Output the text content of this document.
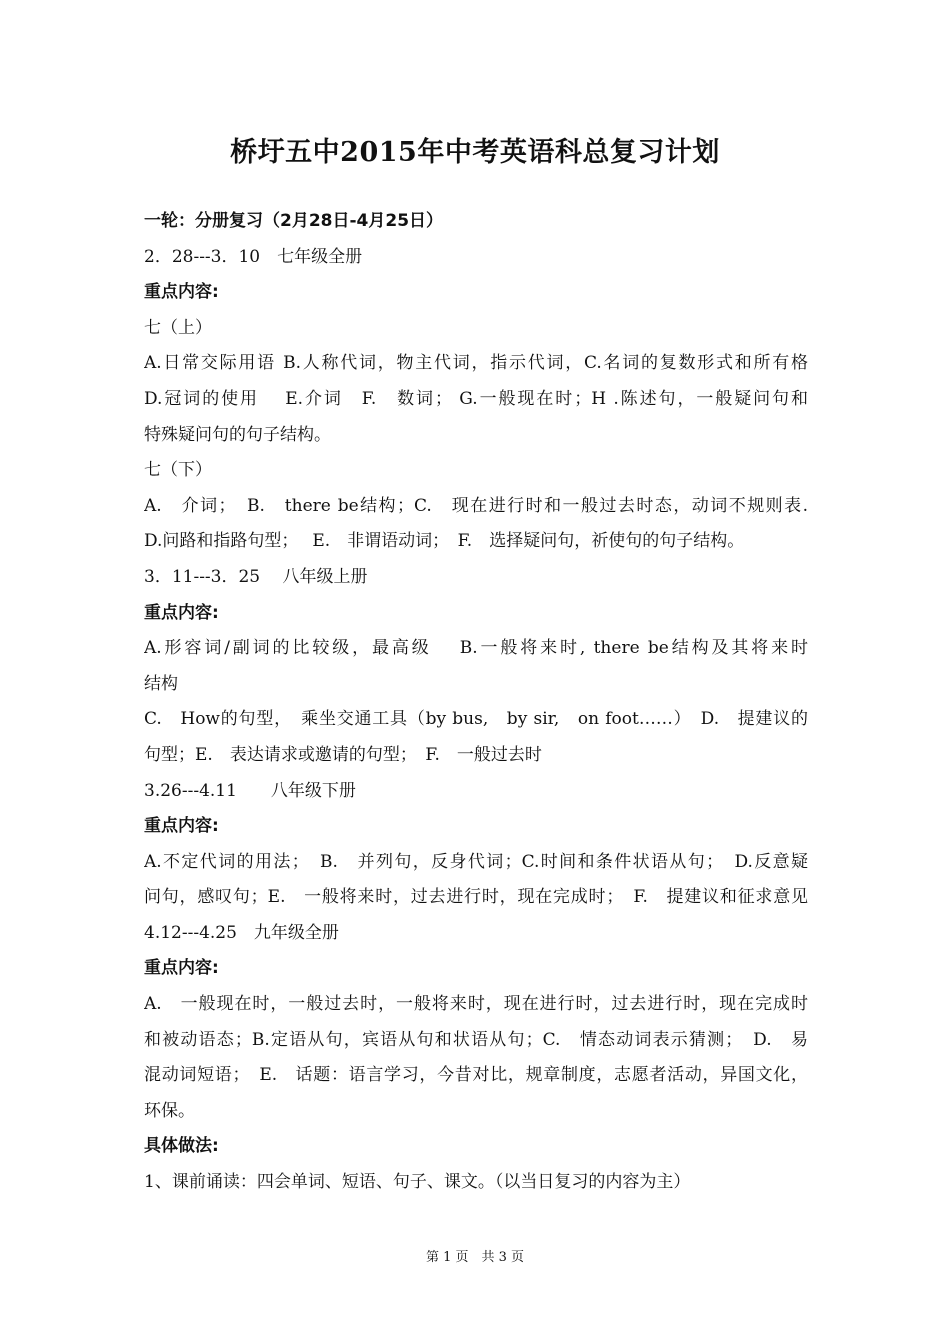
桥圩五中2015年中考英语科总复习计划
一轮：分册复习（2月28日-4月25日）
2．28---3．10　七年级全册
重点内容:
七（上）
A.日常交际用语 B.人称代词，物主代词，指示代词，C.名词的复数形式和所有格
D.冠词的使用　 E.介词　F.　数词； G.一般现在时；H .陈述句，一般疑问句和
特殊疑问句的句子结构。
七（下）
A.　介词；　B.　there be结构；C.　现在进行时和一般过去时态，动词不规则表.
D.问路和指路句型；　 E.　非谓语动词；　F.　选择疑问句，祈使句的句子结构。
3．11---3．25　 八年级上册
重点内容:
A.形容词/副词的比较级，最高级　 B.一般将来时, there be结构及其将来时
结构
C.　How的句型，　乘坐交通工具（by bus,　by sir,　on foot……）　D.　提建议的
句型；E.　表达请求或邀请的句型；　F.　一般过去时
3.26---4.11　　八年级下册
重点内容:
A.不定代词的用法；　B.　并列句，反身代词；C.时间和条件状语从句；　D.反意疑
问句，感叹句；E.　一般将来时，过去进行时，现在完成时；　F.　提建议和征求意见
4.12---4.25　九年级全册
重点内容:
A.　一般现在时，一般过去时，一般将来时，现在进行时，过去进行时，现在完成时
和被动语态；B.定语从句，宾语从句和状语从句；C.　情态动词表示猜测；　D.　易
混动词短语；　E.　话题：语言学习，今昔对比，规章制度，志愿者活动，异国文化，
环保。
具体做法:
1、课前诵读：四会单词、短语、句子、课文。（以当日复习的内容为主）
第 1 页　共 3 页
